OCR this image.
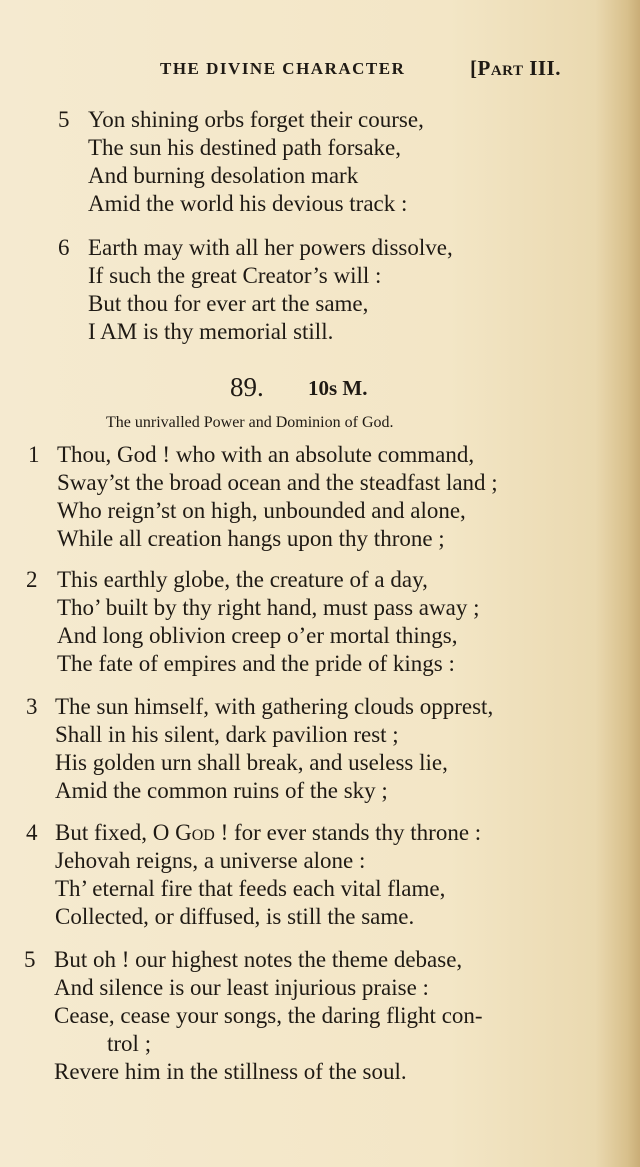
THE DIVINE CHARACTER	[Part III.
5 Yon shining orbs forget their course,
The sun his destined path forsake,
And burning desolation mark
Amid the world his devious track :
6 Earth may with all her powers dissolve,
If such the great Creator’s will :
But thou for ever art the same,
I AM is thy memorial still.
89. 10s M.
The unrivalled Power and Dominion of God.
1 Thou, God ! who with an absolute command,
Sway’st the broad ocean and the steadfast land ;
Who reign’st on high, unbounded and alone,
While all creation hangs upon thy throne ;
2 This earthly globe, the creature of a day,
Tho’ built by thy right hand, must pass away ;
And long oblivion creep o’er mortal things,
The fate of empires and the pride of kings :
3 The sun himself, with gathering clouds opprest,
Shall in his silent, dark pavilion rest ;
His golden urn shall break, and useless lie,
Amid the common ruins of the sky ;
4 But fixed, O God ! for ever stands thy throne :
Jehovah reigns, a universe alone :
Th’ eternal fire that feeds each vital flame,
Collected, or diffused, is still the same.
5 But oh ! our highest notes the theme debase,
And silence is our least injurious praise :
Cease, cease your songs, the daring flight con-
trol ;
Revere him in the stillness of the soul.
